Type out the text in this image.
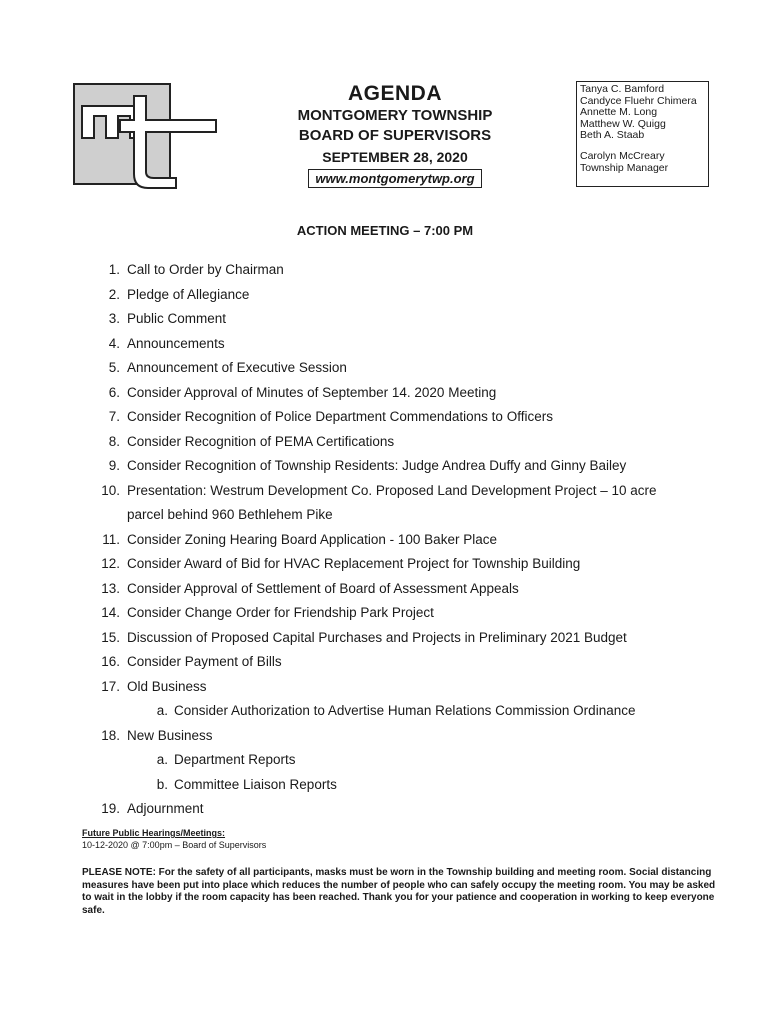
AGENDA
MONTGOMERY TOWNSHIP
BOARD OF SUPERVISORS
SEPTEMBER 28, 2020
www.montgomerytwp.org
Tanya C. Bamford
Candyce Fluehr Chimera
Annette M. Long
Matthew W. Quigg
Beth A. Staab
Carolyn McCreary
Township Manager
ACTION MEETING – 7:00 PM
1. Call to Order by Chairman
2. Pledge of Allegiance
3. Public Comment
4. Announcements
5. Announcement of Executive Session
6. Consider Approval of Minutes of September 14. 2020 Meeting
7. Consider Recognition of Police Department Commendations to Officers
8. Consider Recognition of PEMA Certifications
9. Consider Recognition of Township Residents: Judge Andrea Duffy and Ginny Bailey
10. Presentation: Westrum Development Co. Proposed Land Development Project – 10 acre
parcel behind 960 Bethlehem Pike
11. Consider Zoning Hearing Board Application - 100 Baker Place
12. Consider Award of Bid for HVAC Replacement Project for Township Building
13. Consider Approval of Settlement of Board of Assessment Appeals
14. Consider Change Order for Friendship Park Project
15. Discussion of Proposed Capital Purchases and Projects in Preliminary 2021 Budget
16. Consider Payment of Bills
17. Old Business
a. Consider Authorization to Advertise Human Relations Commission Ordinance
18. New Business
a. Department Reports
b. Committee Liaison Reports
19. Adjournment
Future Public Hearings/Meetings:
10-12-2020 @ 7:00pm – Board of Supervisors
PLEASE NOTE: For the safety of all participants, masks must be worn in the Township building and meeting room. Social distancing measures have been put into place which reduces the number of people who can safely occupy the meeting room. You may be asked to wait in the lobby if the room capacity has been reached. Thank you for your patience and cooperation in working to keep everyone safe.
